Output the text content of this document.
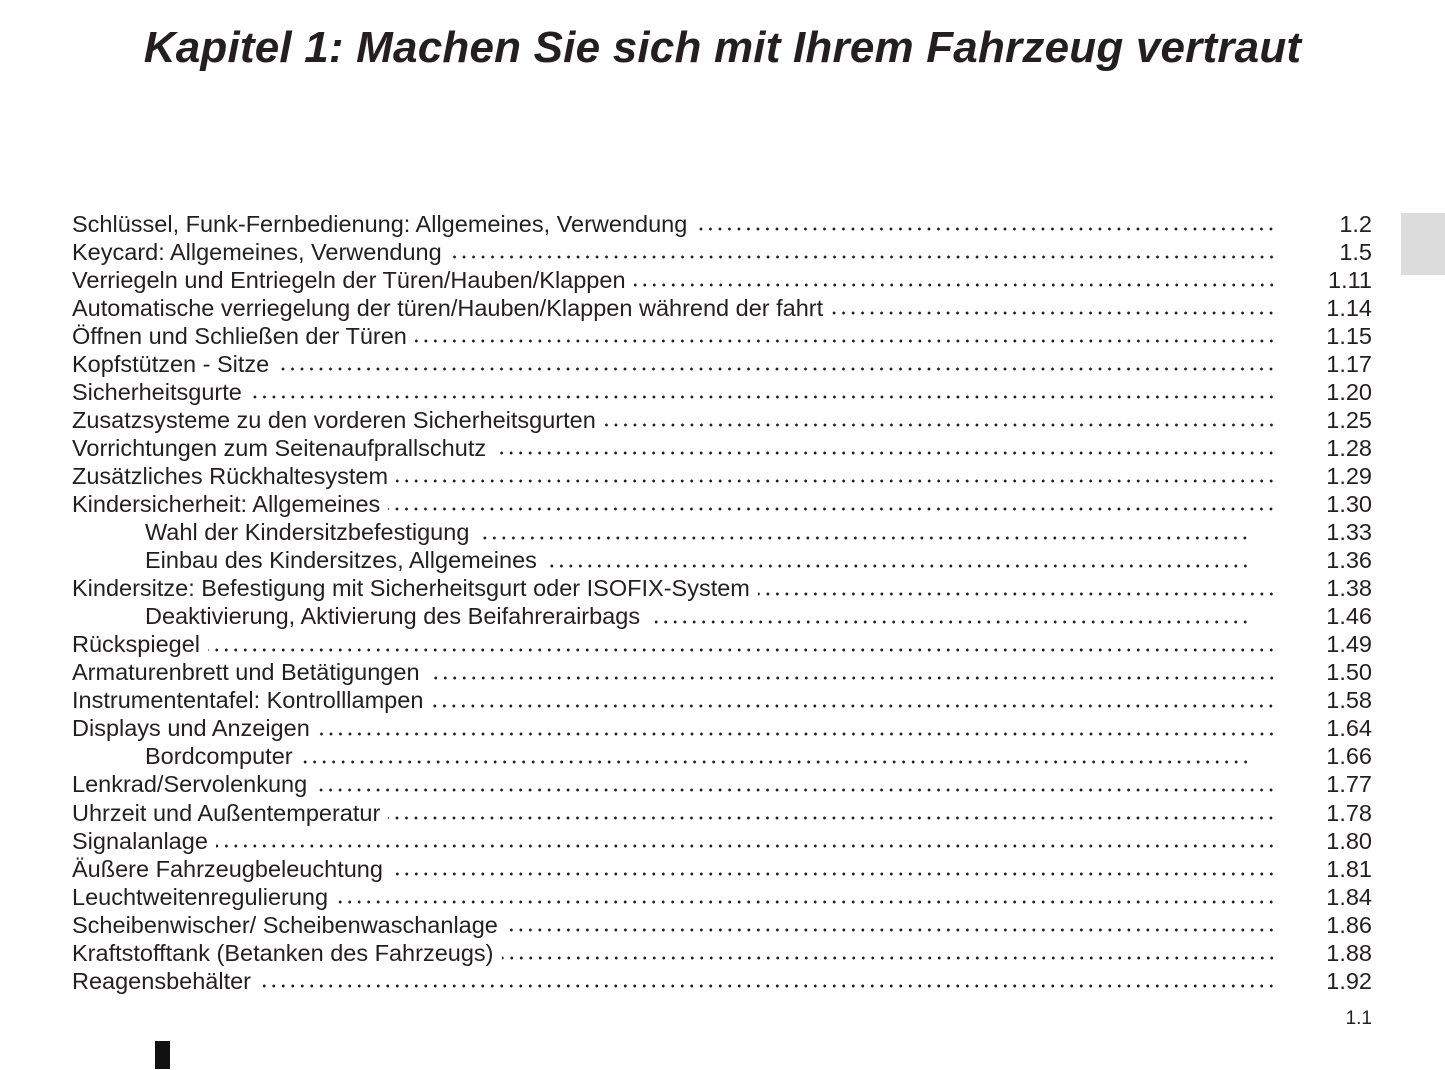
Kapitel 1: Machen Sie sich mit Ihrem Fahrzeug vertraut
Schlüssel, Funk-Fernbedienung: Allgemeines, Verwendung	1.2
Keycard: Allgemeines, Verwendung	1.5
Verriegeln und Entriegeln der Türen/Hauben/Klappen	1.11
Automatische verriegelung der türen/Hauben/Klappen während der fahrt	1.14
Öffnen und Schließen der Türen	1.15
Kopfstützen - Sitze	1.17
Sicherheitsgurte	1.20
Zusatzsysteme zu den vorderen Sicherheitsgurten	1.25
Vorrichtungen zum Seitenaufprallschutz	1.28
Zusätzliches Rückhaltesystem	1.29
Kindersicherheit: Allgemeines	1.30
Wahl der Kindersitzbefestigung	1.33
Einbau des Kindersitzes, Allgemeines	1.36
Kindersitze: Befestigung mit Sicherheitsgurt oder ISOFIX-System	1.38
Deaktivierung, Aktivierung des Beifahrerairbags	1.46
Rückspiegel	1.49
Armaturenbrett und Betätigungen	1.50
Instrumententafel: Kontrolllampen	1.58
Displays und Anzeigen	1.64
Bordcomputer	1.66
Lenkrad/Servolenkung	1.77
Uhrzeit und Außentemperatur	1.78
Signalanlage	1.80
Äußere Fahrzeugbeleuchtung	1.81
Leuchtweitenregulierung	1.84
Scheibenwischer/ Scheibenwaschanlage	1.86
Kraftstofftank (Betanken des Fahrzeugs)	1.88
Reagensbehälter	1.92
1.1
